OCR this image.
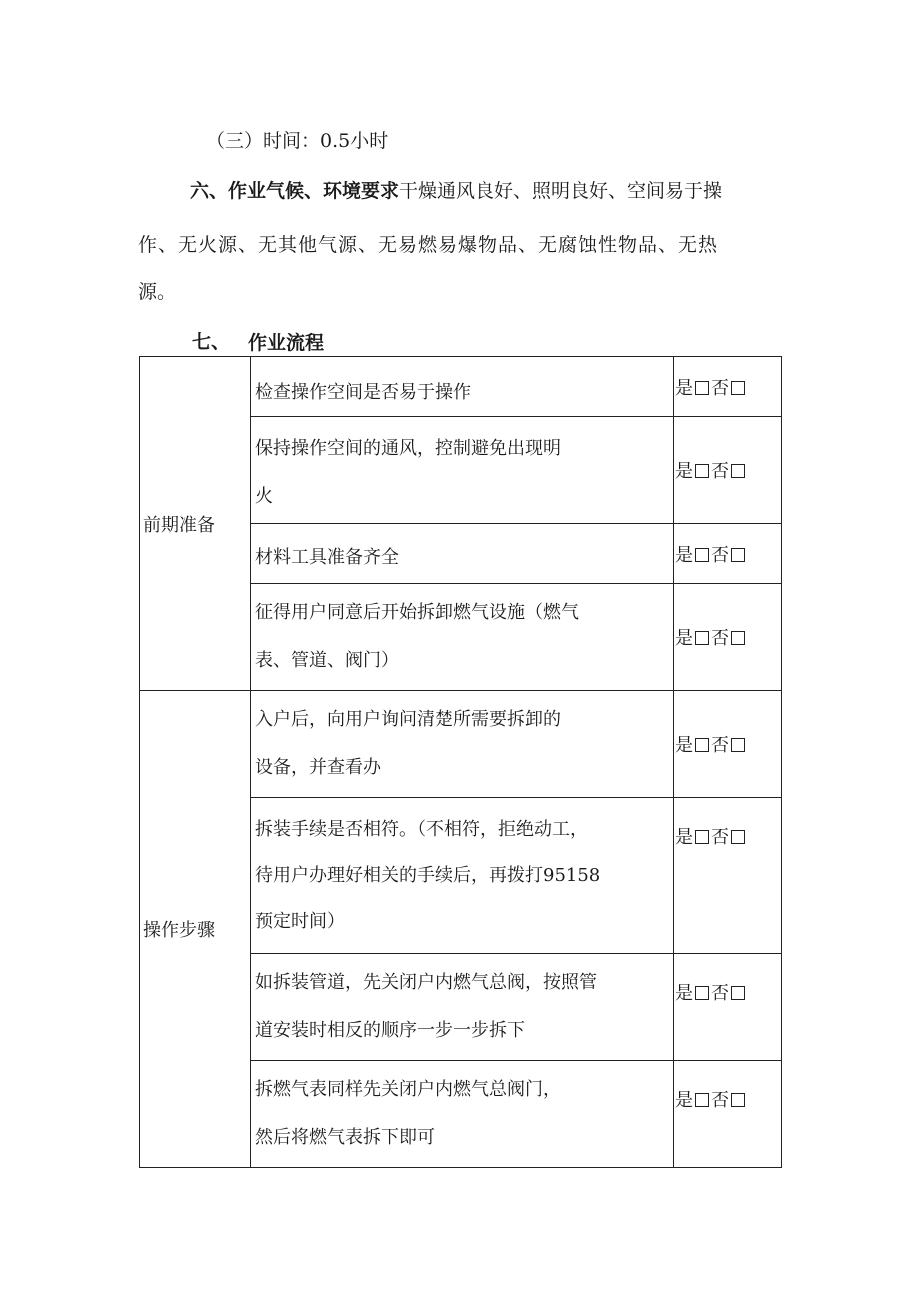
（三）时间：0.5小时
六、作业气候、环境要求干燥通风良好、照明良好、空间易于操
作、无火源、无其他气源、无易燃易爆物品、无腐蚀性物品、无热
源。
七、 作业流程
前期准备	检查操作空间是否易于操作	是 否

	保持操作空间的通风，控制避免出现明
火	是 否

	材料工具准备齐全	是 否

	征得用户同意后开始拆卸燃气设施（燃气
表、管道、阀门）	是 否
操作步骤	入户后，向用户询问清楚所需要拆卸的
设备，并查看办	是 否

	拆装手续是否相符。（不相符，拒绝动工，
待用户办理好相关的手续后，再拨打95158
预定时间）	是 否

	如拆装管道，先关闭户内燃气总阀，按照管
道安装时相反的顺序一步一步拆下	是 否

	拆燃气表同样先关闭户内燃气总阀门，
然后将燃气表拆下即可	是 否
